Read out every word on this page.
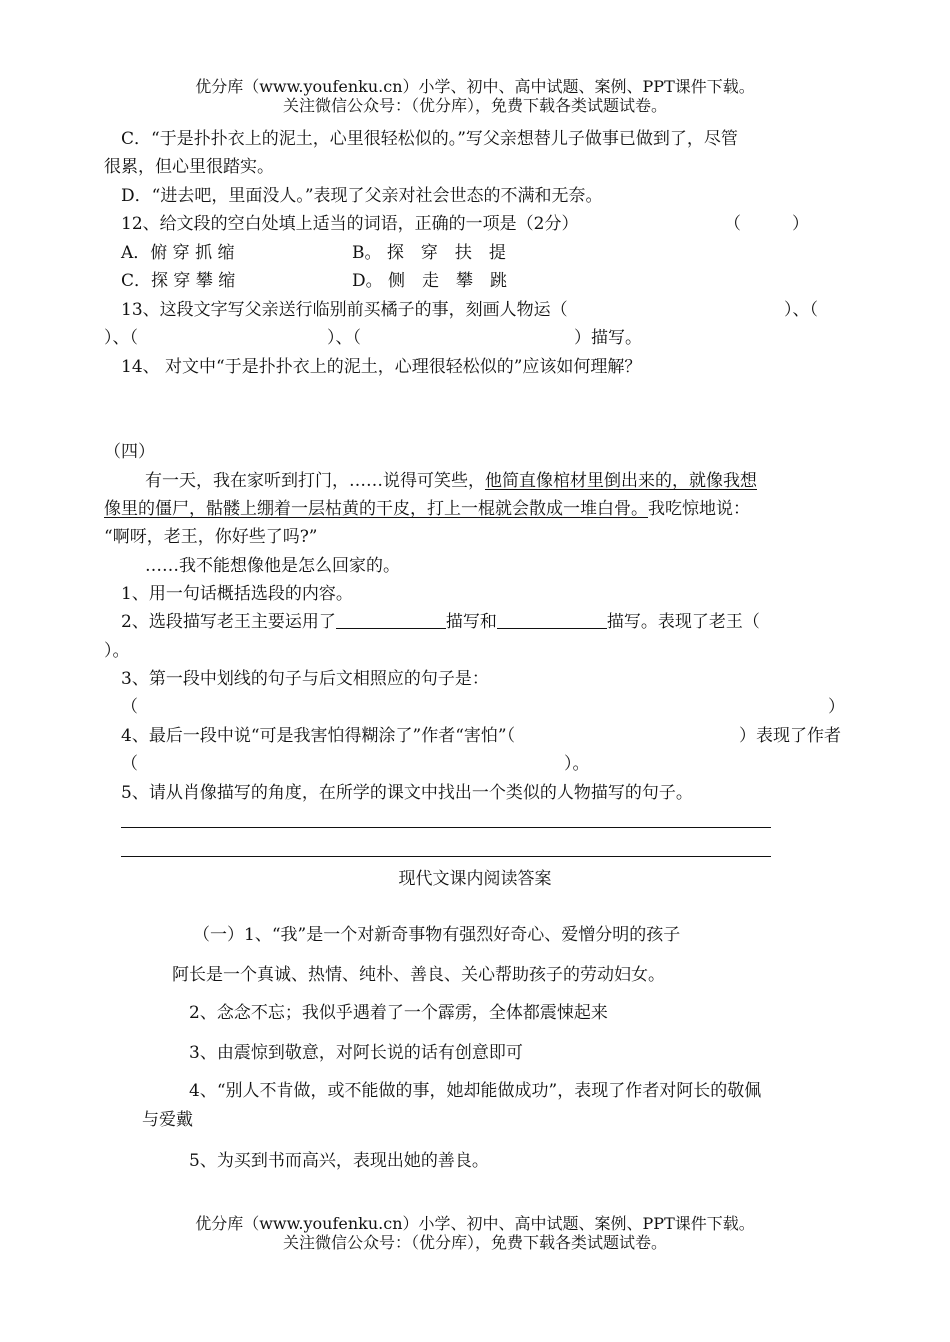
优分库（www.youfenku.cn）小学、初中、高中试题、案例、PPT课件下载。
关注微信公众号：（优分库），免费下载各类试题试卷。
C．“于是扑扑衣上的泥土，心里很轻松似的。”写父亲想替儿子做事已做到了，尽管
很累，但心里很踏实。
D．“进去吧，里面没人。”表现了父亲对社会世态的不满和无奈。
12、给文段的空白处填上适当的词语，正确的一项是（2分）	（　　　）
A．俯 穿 抓 缩	B。 探　穿　扶　提
C．探 穿 攀 缩	D。 侧　走　攀　跳
13、这段文字写父亲送行临别前买橘子的事，刻画人物运（	）、（
）、（	）、（	）描写。
14、 对文中“于是扑扑衣上的泥土，心理很轻松似的”应该如何理解？
（四）
有一天，我在家听到打门，……说得可笑些，他简直像棺材里倒出来的，就像我想
像里的僵尸，骷髅上绷着一层枯黄的干皮，打上一棍就会散成一堆白骨。我吃惊地说：
“啊呀，老王，你好些了吗?”
……我不能想像他是怎么回家的。
1、用一句话概括选段的内容。
2、选段描写老王主要运用了	描写和	描写。表现了老王（
）。
3、第一段中划线的句子与后文相照应的句子是：
（	）
4、最后一段中说“可是我害怕得糊涂了”作者“害怕”（	）表现了作者
（	）。
5、请从肖像描写的角度，在所学的课文中找出一个类似的人物描写的句子。
现代文课内阅读答案
（一）1、“我”是一个对新奇事物有强烈好奇心、爱憎分明的孩子
阿长是一个真诚、热情、纯朴、善良、关心帮助孩子的劳动妇女。
2、念念不忘；我似乎遇着了一个霹雳，全体都震悚起来
3、由震惊到敬意，对阿长说的话有创意即可
4、“别人不肯做，或不能做的事，她却能做成功”，表现了作者对阿长的敬佩
与爱戴
5、为买到书而高兴，表现出她的善良。
优分库（www.youfenku.cn）小学、初中、高中试题、案例、PPT课件下载。
关注微信公众号：（优分库），免费下载各类试题试卷。
